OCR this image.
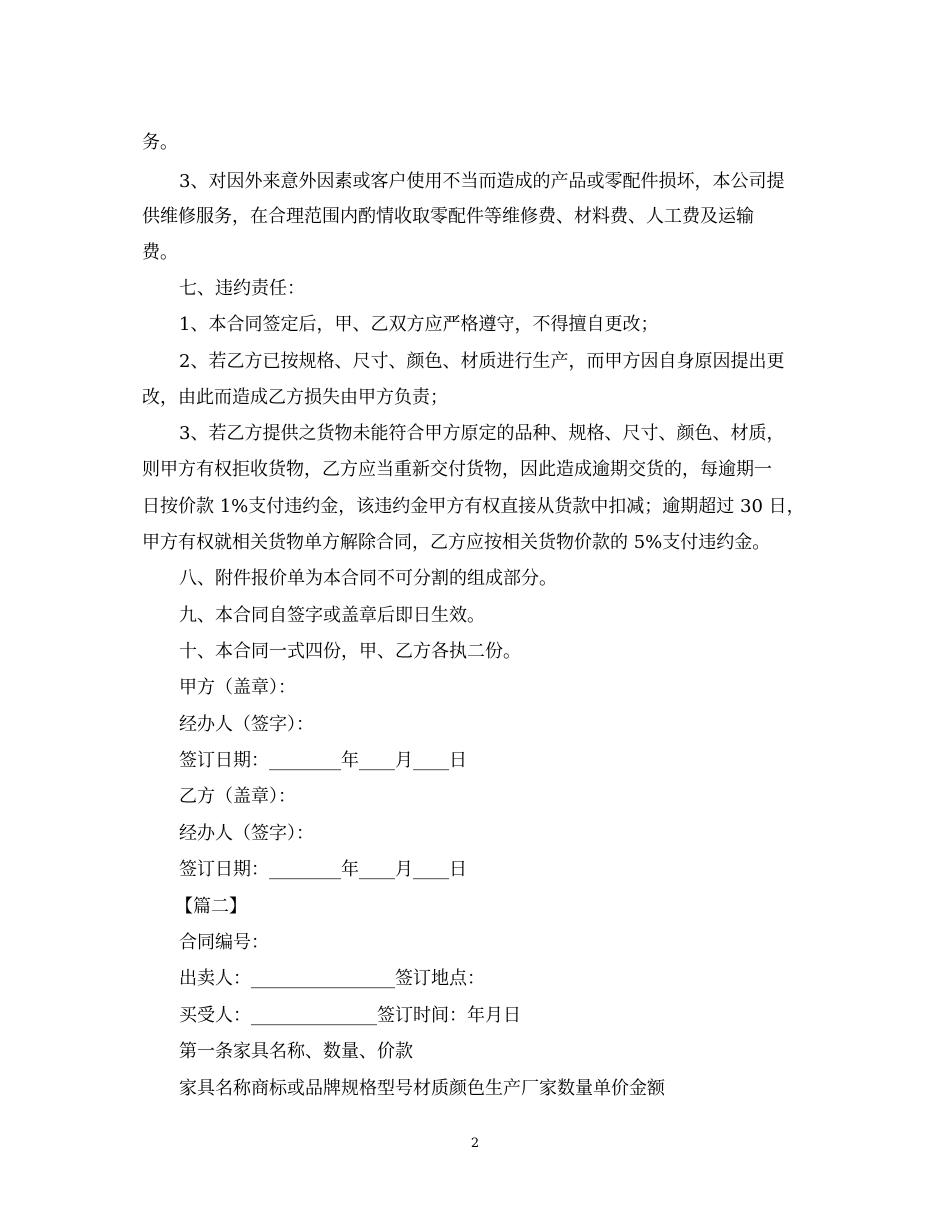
务。
3、对因外来意外因素或客户使用不当而造成的产品或零配件损坏，本公司提
供维修服务，在合理范围内酌情收取零配件等维修费、材料费、人工费及运输
费。
七、违约责任：
1、本合同签定后，甲、乙双方应严格遵守，不得擅自更改；
2、若乙方已按规格、尺寸、颜色、材质进行生产，而甲方因自身原因提出更
改，由此而造成乙方损失由甲方负责；
3、若乙方提供之货物未能符合甲方原定的品种、规格、尺寸、颜色、材质，
则甲方有权拒收货物，乙方应当重新交付货物，因此造成逾期交货的，每逾期一
日按价款 1%支付违约金，该违约金甲方有权直接从货款中扣减；逾期超过 30 日，
甲方有权就相关货物单方解除合同，乙方应按相关货物价款的 5%支付违约金。
八、附件报价单为本合同不可分割的组成部分。
九、本合同自签字或盖章后即日生效。
十、本合同一式四份，甲、乙方各执二份。
甲方（盖章）：
经办人（签字）：
签订日期：________年____月____日
乙方（盖章）：
经办人（签字）：
签订日期：________年____月____日
【篇二】
合同编号：
出卖人：________________签订地点：
买受人：______________签订时间：年月日
第一条家具名称、数量、价款
家具名称商标或品牌规格型号材质颜色生产厂家数量单价金额
2
